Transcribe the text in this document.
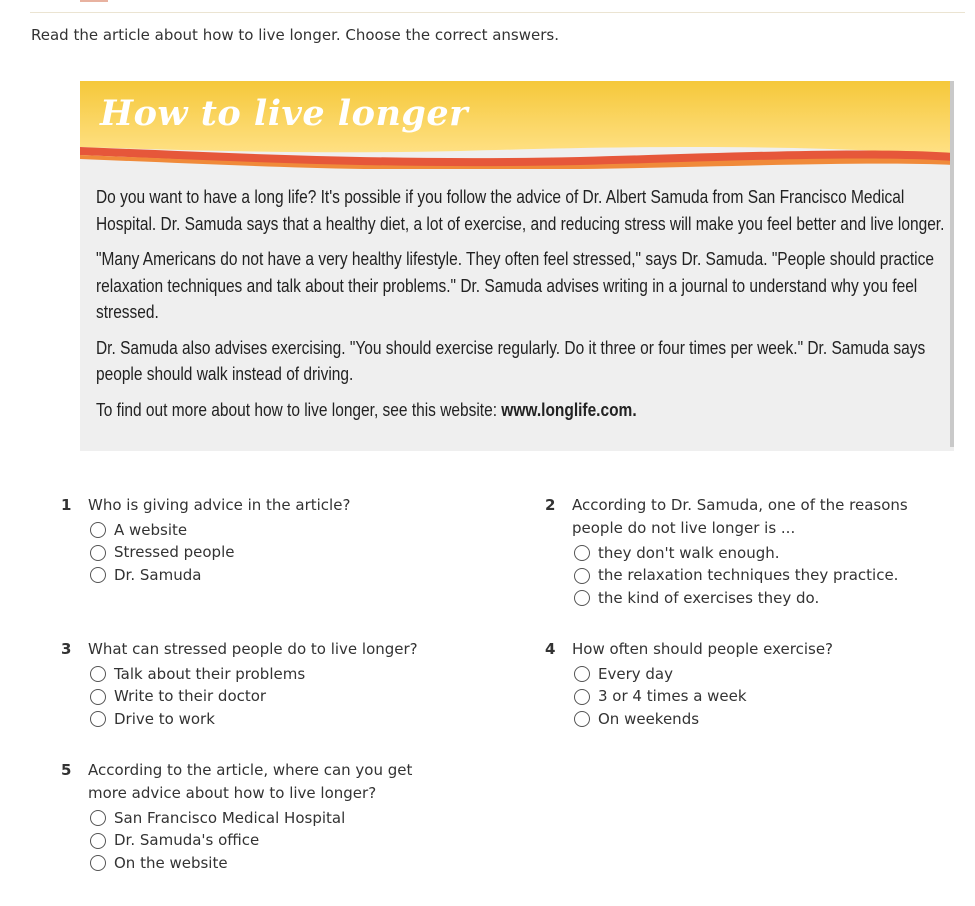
Read the article about how to live longer. Choose the correct answers.
How to live longer

Do you want to have a long life? It's possible if you follow the advice of Dr. Albert Samuda from San Francisco Medical Hospital. Dr. Samuda says that a healthy diet, a lot of exercise, and reducing stress will make you feel better and live longer.

"Many Americans do not have a very healthy lifestyle. They often feel stressed," says Dr. Samuda. "People should practice relaxation techniques and talk about their problems." Dr. Samuda advises writing in a journal to understand why you feel stressed.

Dr. Samuda also advises exercising. "You should exercise regularly. Do it three or four times per week." Dr. Samuda says people should walk instead of driving.

To find out more about how to live longer, see this website: www.longlife.com.

1 Who is giving advice in the article?
A website
Stressed people
Dr. Samuda
2 According to Dr. Samuda, one of the reasons people do not live longer is ...
they don't walk enough.
the relaxation techniques they practice.
the kind of exercises they do.
3 What can stressed people do to live longer?
Talk about their problems
Write to their doctor
Drive to work
4 How often should people exercise?
Every day
3 or 4 times a week
On weekends
5 According to the article, where can you get more advice about how to live longer?
San Francisco Medical Hospital
Dr. Samuda's office
On the website
